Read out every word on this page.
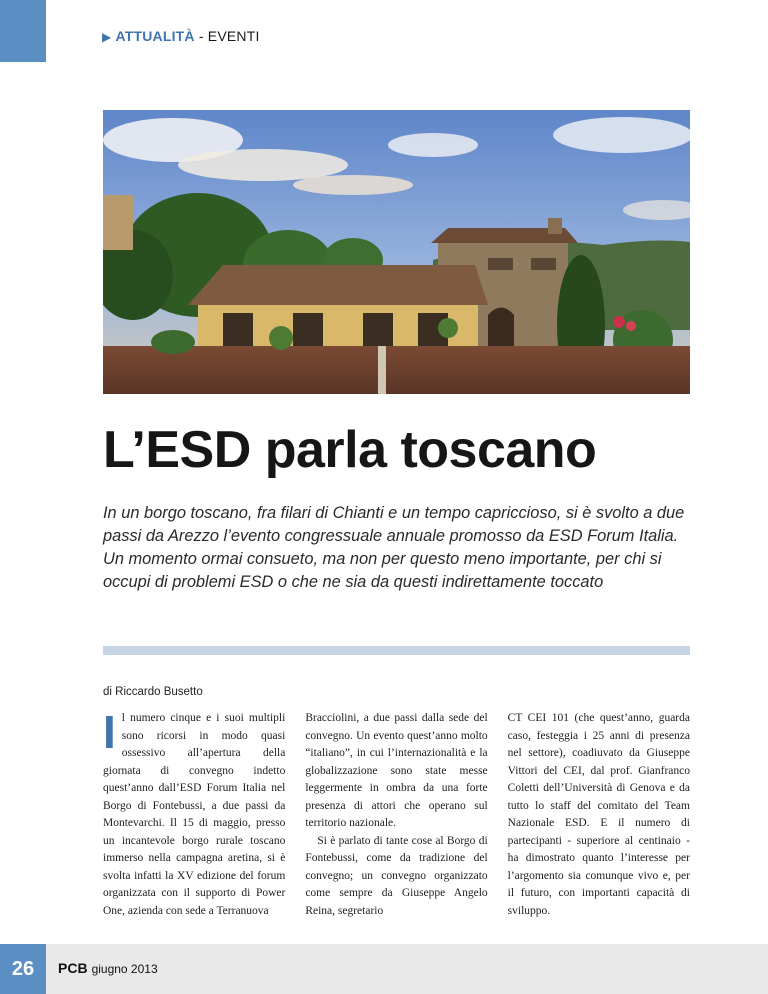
▶ ATTUALITÀ - EVENTI
L’ESD parla toscano

In un borgo toscano, fra filari di Chianti e un tempo capriccioso, si è svolto a due passi da Arezzo l’evento congressuale annuale promosso da ESD Forum Italia. Un momento ormai consueto, ma non per questo meno importante, per chi si occupi di problemi ESD o che ne sia da questi indirettamente toccato

di Riccardo Busetto

Il numero cinque e i suoi multipli sono ricorsi in modo quasi ossessivo all’apertura della giornata di convegno indetto quest’anno dall’ESD Forum Italia nel Borgo di Fontebussi, a due passi da Montevarchi. Il 15 di maggio, presso un incantevole borgo rurale toscano immerso nella campagna aretina, si è svolta infatti la XV edizione del forum organizzata con il supporto di Power One, azienda con sede a Terranuova

Bracciolini, a due passi dalla sede del convegno. Un evento quest’anno molto “italiano”, in cui l’internazionalità e la globalizzazione sono state messe leggermente in ombra da una forte presenza di attori che operano sul territorio nazionale.

Si è parlato di tante cose al Borgo di Fontebussi, come da tradizione del convegno; un convegno organizzato come sempre da Giuseppe Angelo Reina, segretario

CT CEI 101 (che quest’anno, guarda caso, festeggia i 25 anni di presenza nel settore), coadiuvato da Giuseppe Vittori del CEI, dal prof. Gianfranco Coletti dell’Università di Genova e da tutto lo staff del comitato del Team Nazionale ESD. E il numero di partecipanti - superiore al centinaio - ha dimostrato quanto l’interesse per l’argomento sia comunque vivo e, per il futuro, con importanti capacità di sviluppo.

26	PCB giugno 2013
